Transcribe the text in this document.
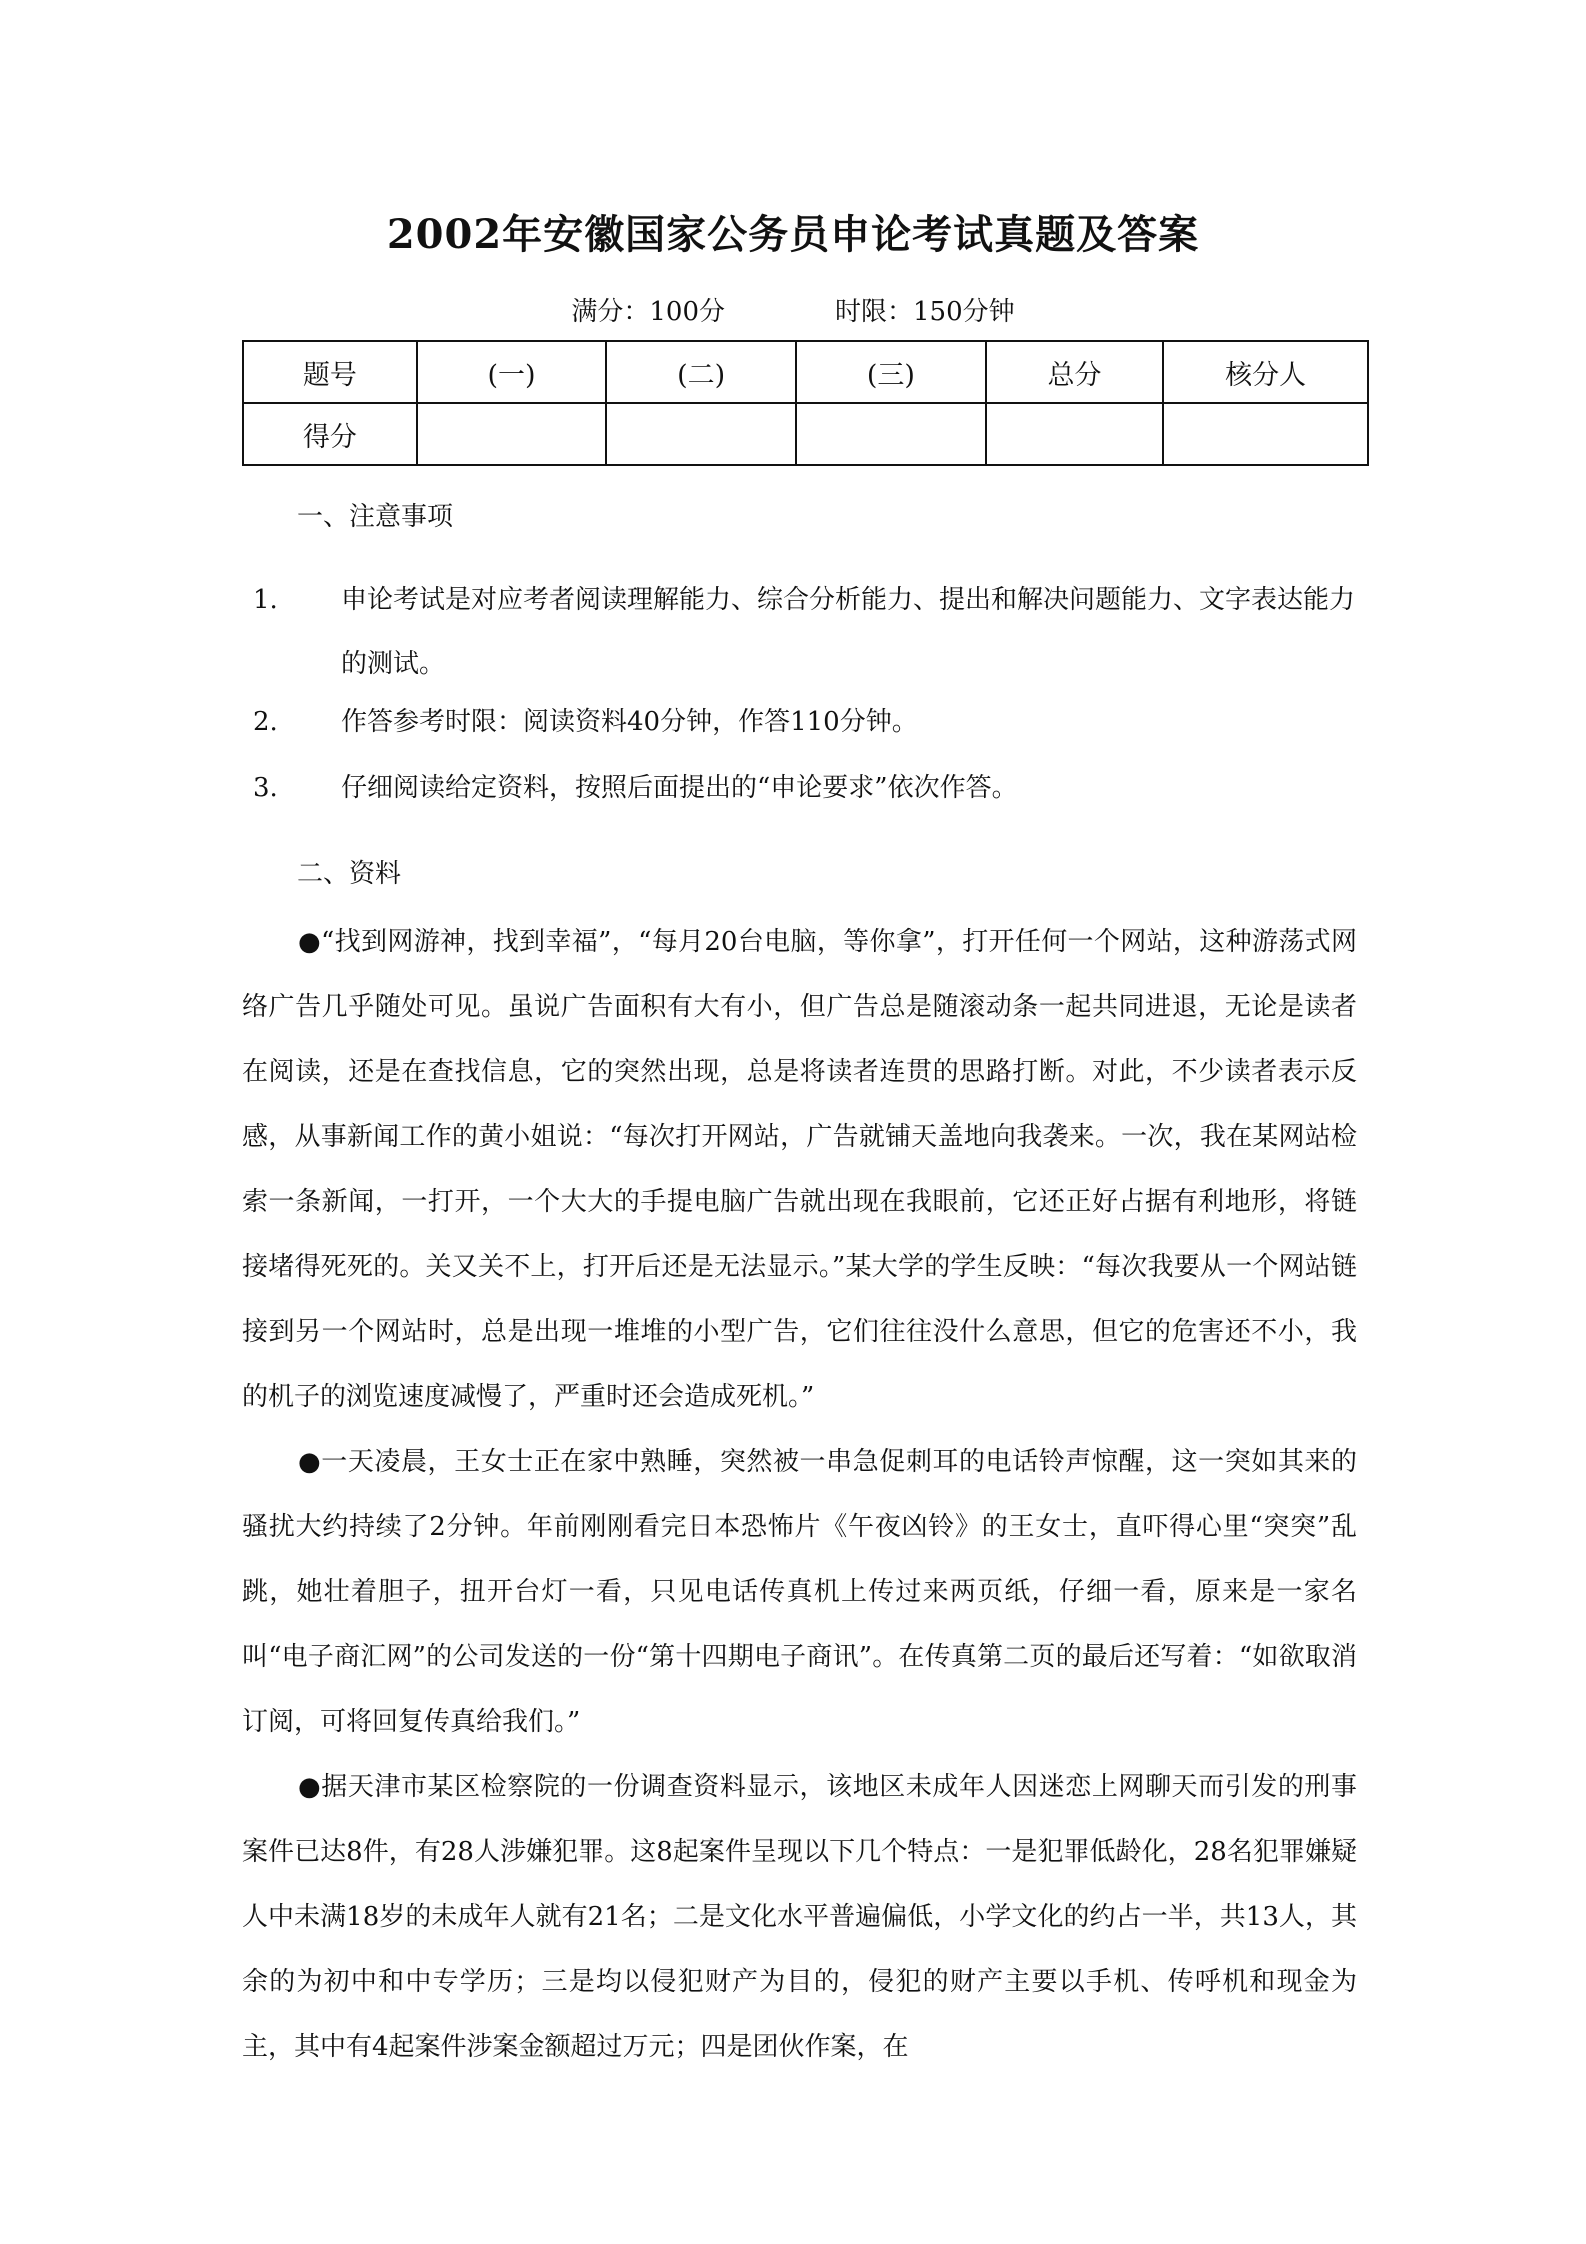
2002年安徽国家公务员申论考试真题及答案
满分：100分	时限：150分钟
题号	(一)	(二)	(三)	总分	核分人
得分					
一、注意事项
1. 申论考试是对应考者阅读理解能力、综合分析能力、提出和解决问题能力、文字表达能力的测试。
2. 作答参考时限：阅读资料40分钟，作答110分钟。
3. 仔细阅读给定资料，按照后面提出的“申论要求”依次作答。
二、资料

●“找到网游神，找到幸福”，“每月20台电脑，等你拿”，打开任何一个网站，这种游荡式网络广告几乎随处可见。虽说广告面积有大有小，但广告总是随滚动条一起共同进退，无论是读者在阅读，还是在查找信息，它的突然出现，总是将读者连贯的思路打断。对此，不少读者表示反感，从事新闻工作的黄小姐说：“每次打开网站，广告就铺天盖地向我袭来。一次，我在某网站检索一条新闻，一打开，一个大大的手提电脑广告就出现在我眼前，它还正好占据有利地形，将链接堵得死死的。关又关不上，打开后还是无法显示。”某大学的学生反映：“每次我要从一个网站链接到另一个网站时，总是出现一堆堆的小型广告，它们往往没什么意思，但它的危害还不小，我的机子的浏览速度减慢了，严重时还会造成死机。”

●一天凌晨，王女士正在家中熟睡，突然被一串急促刺耳的电话铃声惊醒，这一突如其来的骚扰大约持续了2分钟。年前刚刚看完日本恐怖片《午夜凶铃》的王女士，直吓得心里“突突”乱跳，她壮着胆子，扭开台灯一看，只见电话传真机上传过来两页纸，仔细一看，原来是一家名叫“电子商汇网”的公司发送的一份“第十四期电子商讯”。在传真第二页的最后还写着：“如欲取消订阅，可将回复传真给我们。”

●据天津市某区检察院的一份调查资料显示，该地区未成年人因迷恋上网聊天而引发的刑事案件已达8件，有28人涉嫌犯罪。这8起案件呈现以下几个特点：一是犯罪低龄化，28名犯罪嫌疑人中未满18岁的未成年人就有21名；二是文化水平普遍偏低，小学文化的约占一半，共13人，其余的为初中和中专学历；三是均以侵犯财产为目的，侵犯的财产主要以手机、传呼机和现金为主，其中有4起案件涉案金额超过万元；四是团伙作案，在
